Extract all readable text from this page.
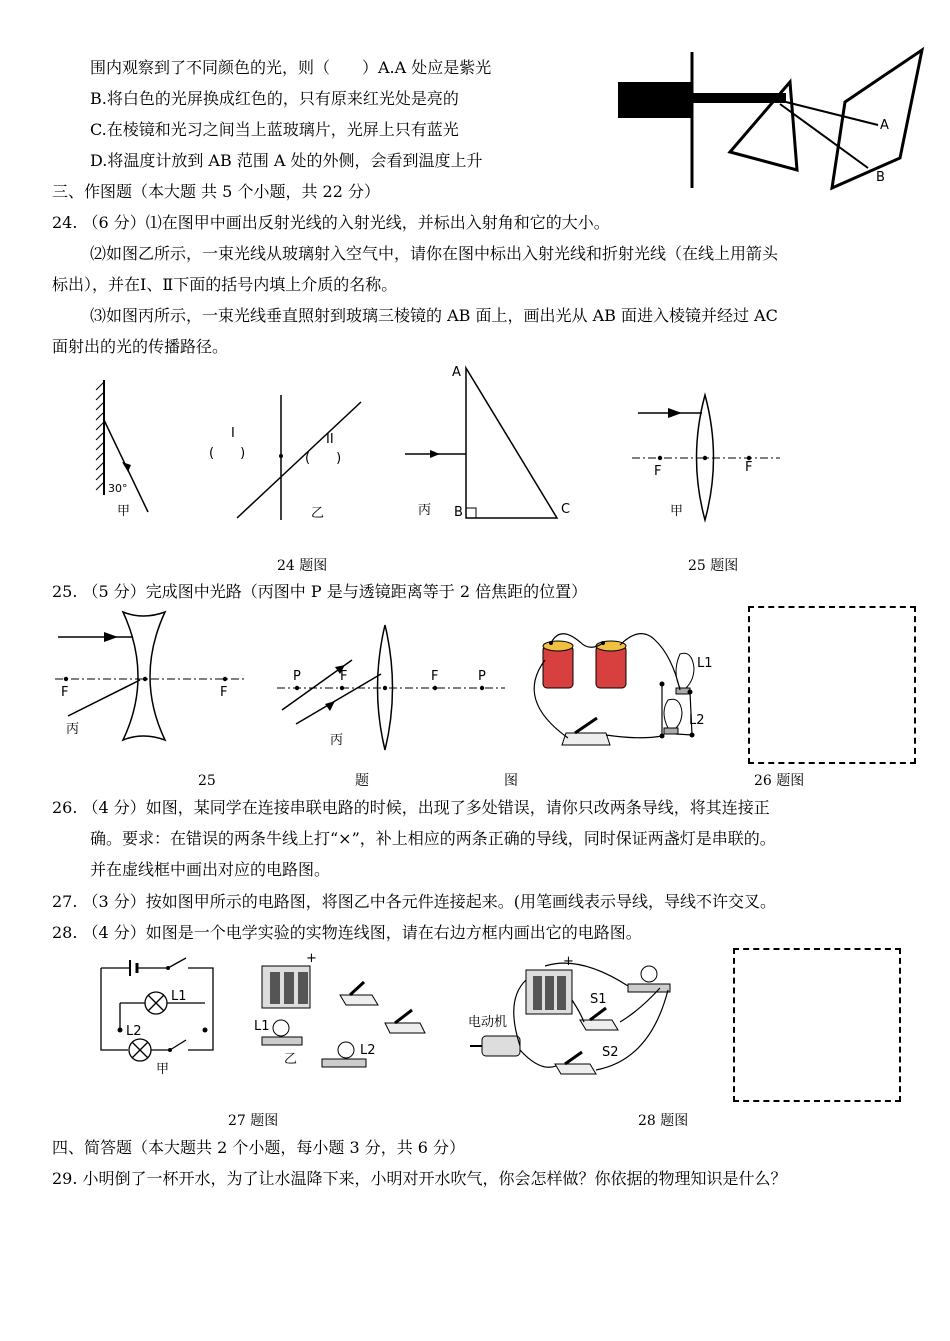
围内观察到了不同颜色的光，则（　　）A.A 处应是紫光
B.将白色的光屏换成红色的，只有原来红光处是亮的
C.在棱镜和光习之间当上蓝玻璃片，光屏上只有蓝光
D.将温度计放到 AB 范围 A 处的外侧，会看到温度上升
A
B
三、作图题（本大题 共 5 个小题，共 22 分）
24. （6 分）⑴在图甲中画出反射光线的入射光线，并标出入射角和它的大小。
⑵如图乙所示，一束光线从玻璃射入空气中，请你在图中标出入射光线和折射光线（在线上用箭头
标出），并在Ⅰ、Ⅱ下面的括号内填上介质的名称。
⑶如图丙所示，一束光线垂直照射到玻璃三棱镜的 AB 面上，画出光从 AB 面进入棱镜并经过 AC
面射出的光的传播路径。
30°
甲
I	II
(　　)	(　　)
乙
A
B	C
丙
F	F
甲
24 题图	25 题图
25. （5 分）完成图中光路（丙图中 P 是与透镜距离等于 2 倍焦距的位置）
F	F
丙
P	F	F	P
丙
L1
L2
25	题	图	26 题图
26. （4 分）如图，某同学在连接串联电路的时候，出现了多处错误，请你只改两条导线，将其连接正
确。要求：在错误的两条牛线上打“×”，补上相应的两条正确的导线，同时保证两盏灯是串联的。
并在虚线框中画出对应的电路图。
27. （3 分）按如图甲所示的电路图，将图乙中各元件连接起来。(用笔画线表示导线，导线不许交叉。
28. （4 分）如图是一个电学实验的实物连线图，请在右边方框内画出它的电路图。
L1
L2
甲
+
L1
L2
乙
+
电动机
S1
S2
27 题图	28 题图
四、简答题（本大题共 2 个小题，每小题 3 分，共 6 分）
29. 小明倒了一杯开水，为了让水温降下来，小明对开水吹气，你会怎样做？你依据的物理知识是什么？
